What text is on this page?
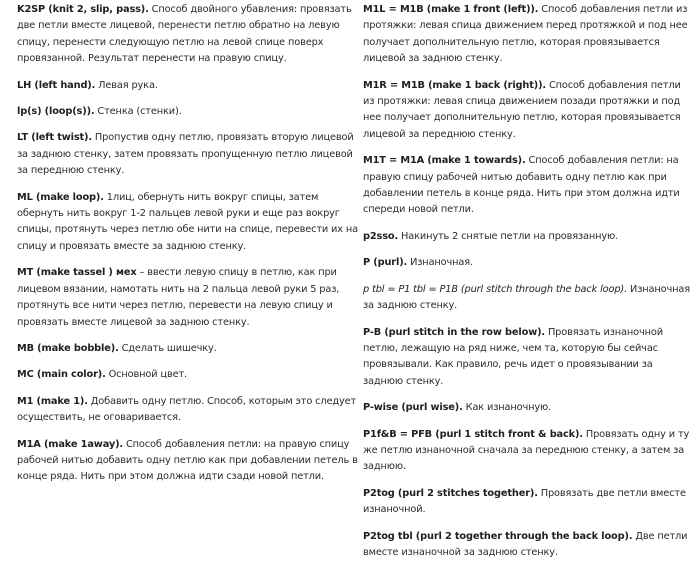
K2SP (knit 2, slip, pass). Способ двойного убавления: провязать две петли вместе лицевой, перенести петлю обратно на левую спицу, перенести следующую петлю на левой спице поверх провязанной. Результат перенести на правую спицу.

LH (left hand). Левая рука.

lp(s) (loop(s)). Стенка (стенки).

LT (left twist). Пропустив одну петлю, провязать вторую лицевой за заднюю стенку, затем провязать пропущенную петлю лицевой за переднюю стенку.

ML (make loop). 1лиц, обернуть нить вокруг спицы, затем обернуть нить вокруг 1-2 пальцев левой руки и еще раз вокруг спицы, протянуть через петлю обе нити на спице, перевести их на спицу и провязать вместе за заднюю стенку.

MT (make tassel ) мех – ввести левую спицу в петлю, как при лицевом вязании, намотать нить на 2 пальца левой руки 5 раз, протянуть все нити через петлю, перевести на левую спицу и провязать вместе лицевой за заднюю стенку.

MB (make bobble). Сделать шишечку.

MC (main color). Основной цвет.

M1 (make 1). Добавить одну петлю. Способ, которым это следует осуществить, не оговаривается.

M1A (make 1away). Способ добавления петли: на правую спицу рабочей нитью добавить одну петлю как при добавлении петель в конце ряда. Нить при этом должна идти сзади новой петли.

M1L = M1B (make 1 front (left)). Способ добавления петли из протяжки: левая спица движением перед протяжкой и под нее получает дополнительную петлю, которая провязывается лицевой за заднюю стенку.

M1R = M1B (make 1 back (right)). Способ добавления петли из протяжки: левая спица движением позади протяжки и под нее получает дополнительную петлю, которая провязывается лицевой за переднюю стенку.

M1T = M1A (make 1 towards). Способ добавления петли: на правую спицу рабочей нитью добавить одну петлю как при добавлении петель в конце ряда. Нить при этом должна идти спереди новой петли.

p2sso. Накинуть 2 снятые петли на провязанную.

P (purl). Изнаночная.

p tbl = P1 tbl = P1B (purl stitch through the back loop). Изнаночная за заднюю стенку.

P-B (purl stitch in the row below). Провязать изнаночной петлю, лежащую на ряд ниже, чем та, которую бы сейчас провязывали. Как правило, речь идет о провязывании за заднюю стенку.

P-wise (purl wise). Как изнаночную.

P1f&B = PFB (purl 1 stitch front & back). Провязать одну и ту же петлю изнаночной сначала за переднюю стенку, а затем за заднюю.

P2tog (purl 2 stitches together). Провязать две петли вместе изнаночной.

P2tog tbl (purl 2 together through the back loop). Две петли вместе изнаночной за заднюю стенку.
